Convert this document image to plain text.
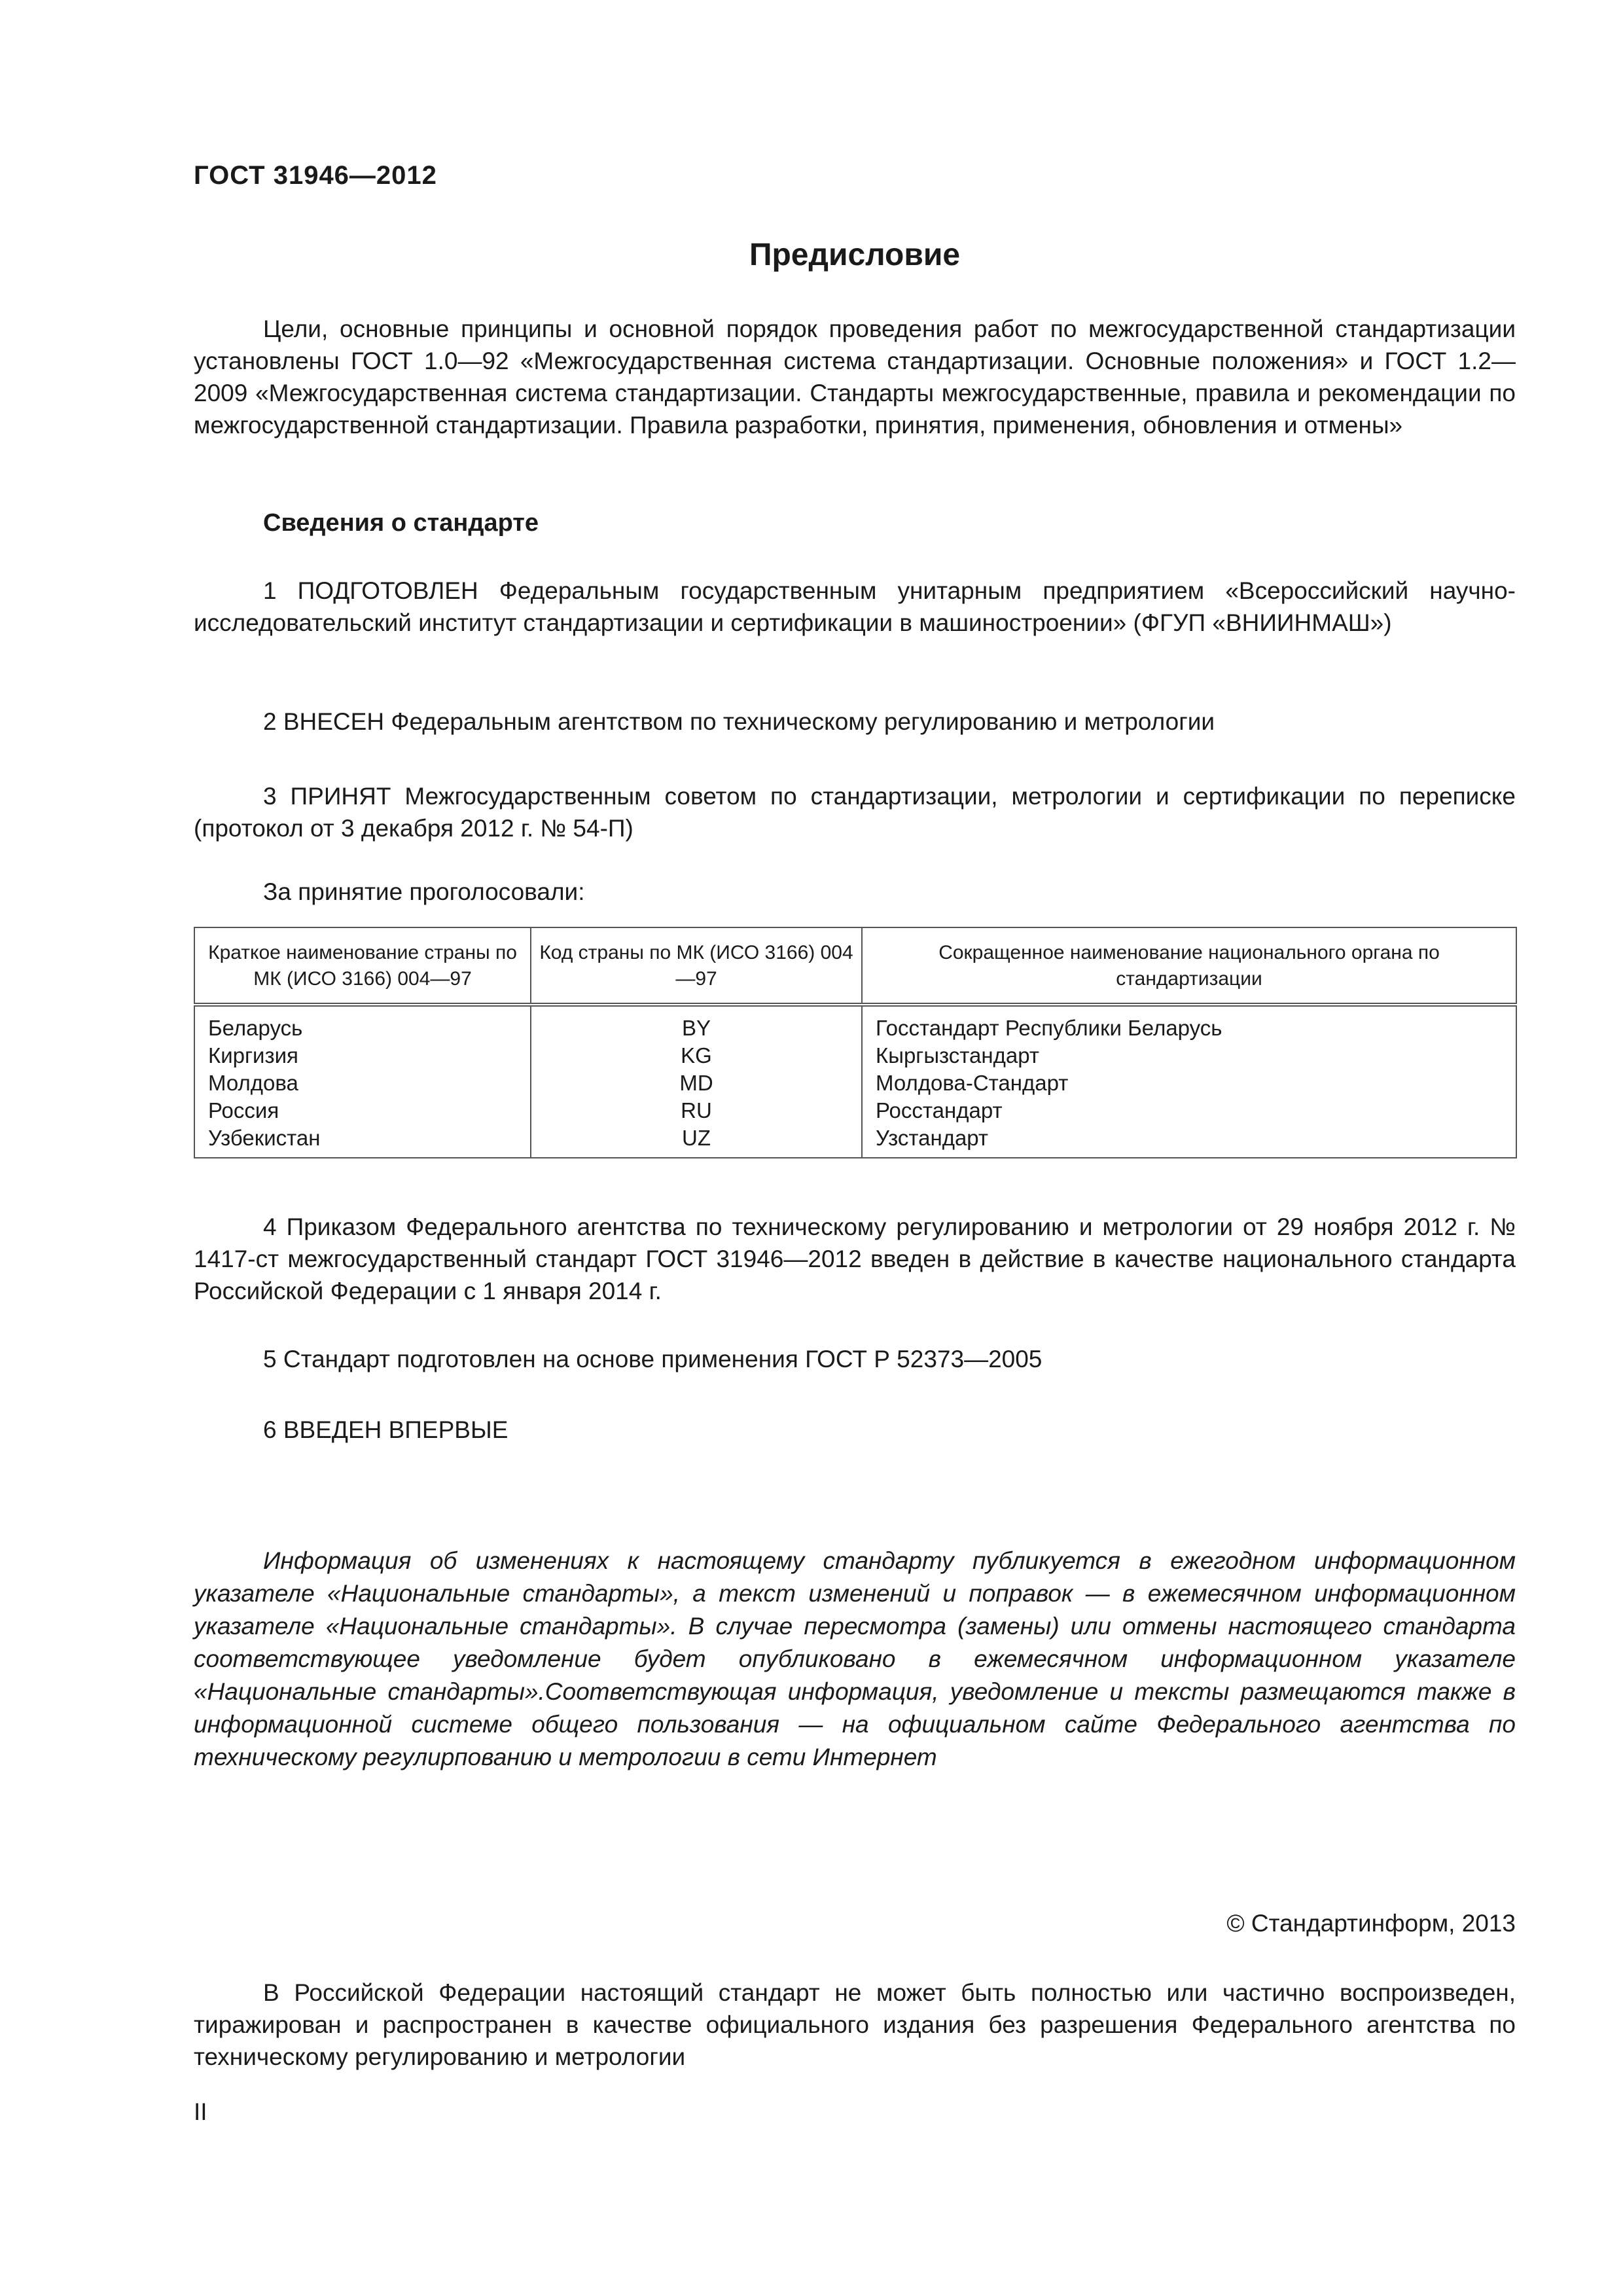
ГОСТ 31946—2012
Предисловие

Цели, основные принципы и основной порядок проведения работ по межгосударственной стандартизации установлены ГОСТ 1.0—92 «Межгосударственная система стандартизации. Основные положения» и ГОСТ 1.2—2009 «Межгосударственная система стандартизации. Стандарты межгосударственные, правила и рекомендации по межгосударственной стандартизации. Правила разработки, принятия, применения, обновления и отмены»

Сведения о стандарте

1 ПОДГОТОВЛЕН Федеральным государственным унитарным предприятием «Всероссийский научно-исследовательский институт стандартизации и сертификации в машиностроении» (ФГУП «ВНИИНМАШ»)

2 ВНЕСЕН Федеральным агентством по техническому регулированию и метрологии

3 ПРИНЯТ Межгосударственным советом по стандартизации, метрологии и сертификации по переписке (протокол от 3 декабря 2012 г. № 54-П)

За принятие проголосовали:
Краткое наименование страны по МК (ИСО 3166) 004—97	Код страны по МК (ИСО 3166) 004—97	Сокращенное наименование национального органа по стандартизации
Беларусь	BY	Госстандарт Республики Беларусь
Киргизия	KG	Кыргызстандарт
Молдова	MD	Молдова-Стандарт
Россия	RU	Росстандарт
Узбекистан	UZ	Узстандарт

4 Приказом Федерального агентства по техническому регулированию и метрологии от 29 ноября 2012 г. № 1417-ст межгосударственный стандарт ГОСТ 31946—2012 введен в действие в качестве национального стандарта Российской Федерации с 1 января 2014 г.

5 Стандарт подготовлен на основе применения ГОСТ Р 52373—2005

6 ВВЕДЕН ВПЕРВЫЕ

Информация об изменениях к настоящему стандарту публикуется в ежегодном информационном указателе «Национальные стандарты», а текст изменений и поправок — в ежемесячном информационном указателе «Национальные стандарты». В случае пересмотра (замены) или отмены настоящего стандарта соответствующее уведомление будет опубликовано в ежемесячном информационном указателе «Национальные стандарты».Соответствующая информация, уведомление и тексты размещаются также в информационной системе общего пользования — на официальном сайте Федерального агентства по техническому регулирпованию и метрологии в сети Интернет

© Стандартинформ, 2013

В Российской Федерации настоящий стандарт не может быть полностью или частично воспроизведен, тиражирован и распространен в качестве официального издания без разрешения Федерального агентства по техническому регулированию и метрологии

II
